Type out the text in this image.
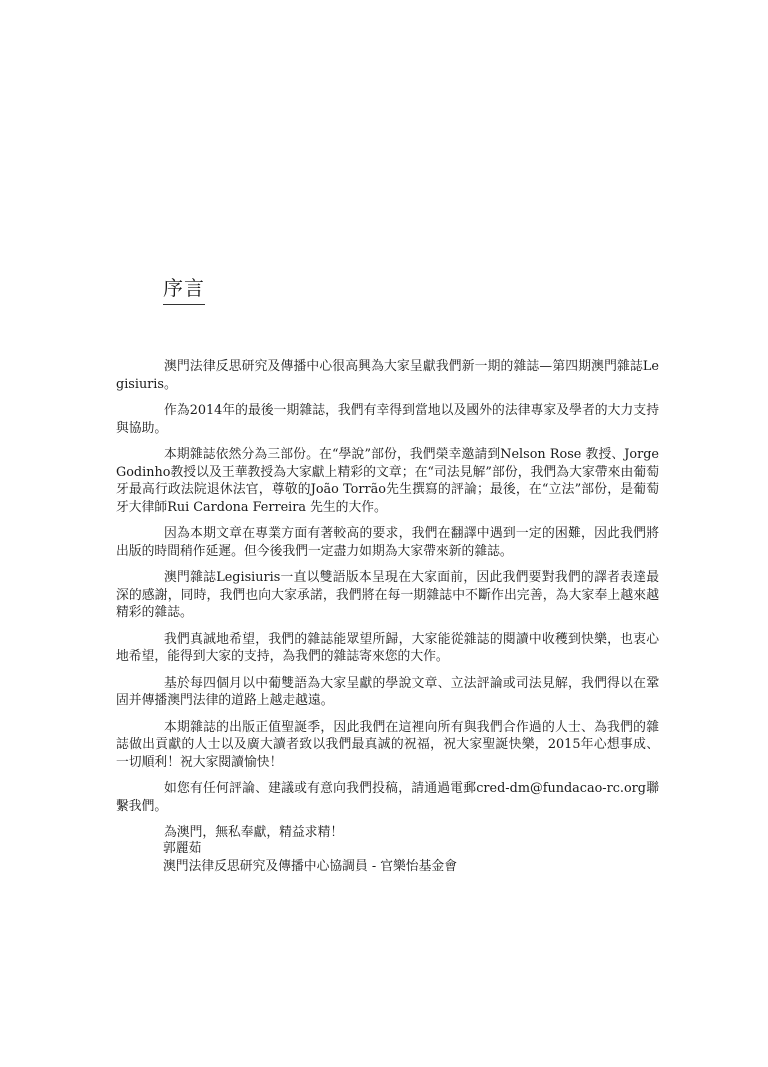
序言

澳門法律反思研究及傳播中心很高興為大家呈獻我們新一期的雜誌—第四期澳門雜誌Legisiuris。

作為2014年的最後一期雜誌，我們有幸得到當地以及國外的法律專家及學者的大力支持與協助。

本期雜誌依然分為三部份。在“學說”部份，我們榮幸邀請到Nelson Rose 教授、Jorge Godinho教授以及王華教授為大家獻上精彩的文章；在“司法見解”部份，我們為大家帶來由葡萄牙最高行政法院退休法官，尊敬的João Torrão先生撰寫的評論；最後，在“立法”部份，是葡萄牙大律師Rui Cardona Ferreira 先生的大作。

因為本期文章在專業方面有著較高的要求，我們在翻譯中遇到一定的困難，因此我們將出版的時間稍作延遲。但今後我們一定盡力如期為大家帶來新的雜誌。

澳門雜誌Legisiuris一直以雙語版本呈現在大家面前，因此我們要對我們的譯者表達最深的感謝，同時，我們也向大家承諾，我們將在每一期雜誌中不斷作出完善，為大家奉上越來越精彩的雜誌。

我們真誠地希望，我們的雜誌能眾望所歸，大家能從雜誌的閱讀中收穫到快樂，也衷心地希望，能得到大家的支持，為我們的雜誌寄來您的大作。

基於每四個月以中葡雙語為大家呈獻的學說文章、立法評論或司法見解，我們得以在鞏固并傳播澳門法律的道路上越走越遠。

本期雜誌的出版正值聖誕季，因此我們在這裡向所有與我們合作過的人士、為我們的雜誌做出貢獻的人士以及廣大讀者致以我們最真誠的祝福，祝大家聖誕快樂，2015年心想事成、一切順利！祝大家閱讀愉快！

如您有任何評論、建議或有意向我們投稿，請通過電郵cred-dm@fundacao-rc.org聯繫我們。

為澳門，無私奉獻，精益求精！

郭麗茹
澳門法律反思研究及傳播中心協調員 - 官樂怡基金會
